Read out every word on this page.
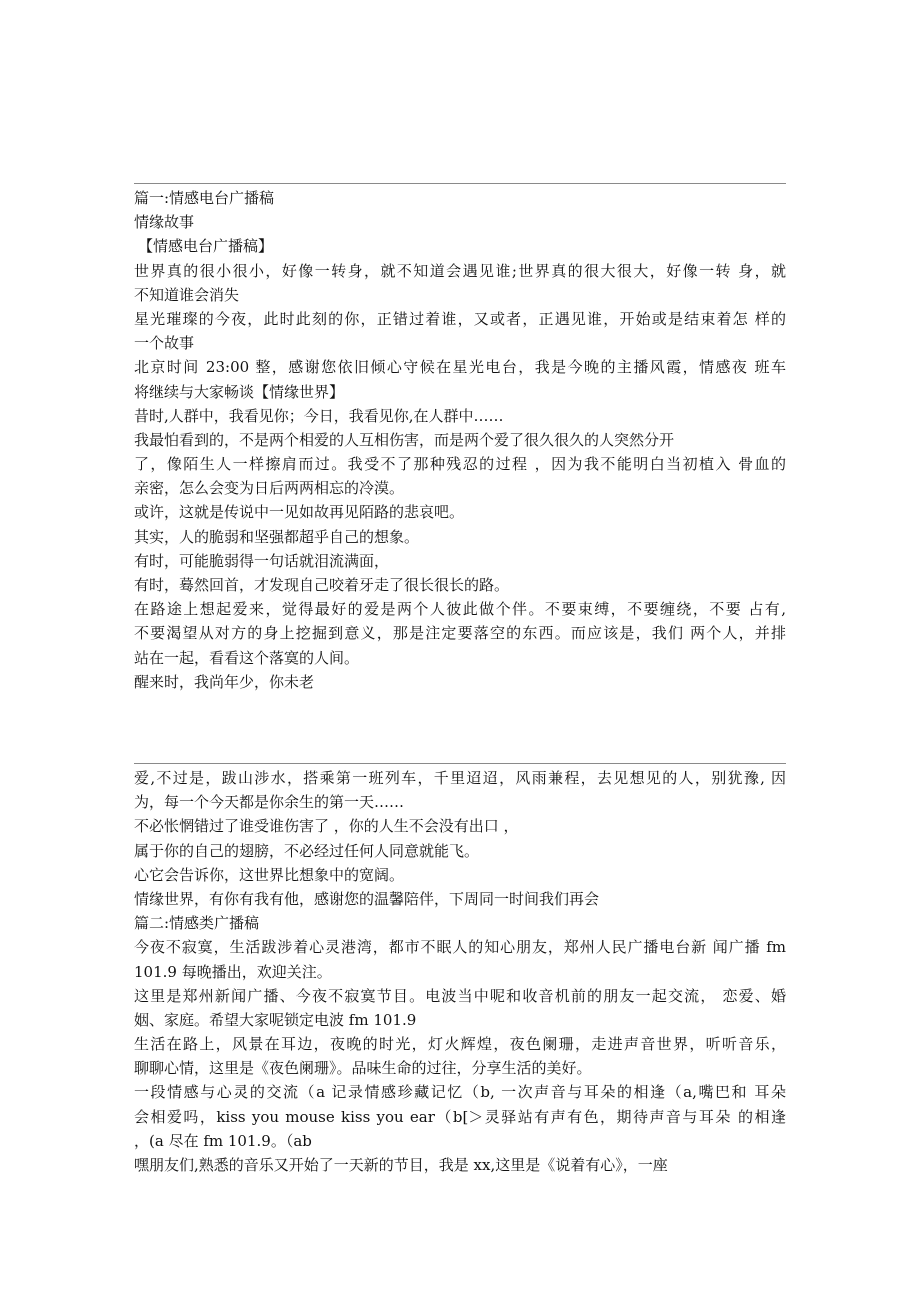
篇一:情感电台广播稿
情缘故事
【情感电台广播稿】
世界真的很小很小，好像一转身，就不知道会遇见谁;世界真的很大很大，好像一转 身，就
不知道谁会消失
星光璀璨的今夜，此时此刻的你，正错过着谁，又或者，正遇见谁，开始或是结束着怎 样的
一个故事
北京时间 23:00 整，感谢您依旧倾心守候在星光电台，我是今晚的主播风霞，情感夜 班车
将继续与大家畅谈【情缘世界】
昔时,人群中，我看见你；今日，我看见你,在人群中……
我最怕看到的，不是两个相爱的人互相伤害，而是两个爱了很久很久的人突然分开
了，像陌生人一样擦肩而过。我受不了那种残忍的过程 ，因为我不能明白当初植入 骨血的
亲密，怎么会变为日后两两相忘的冷漠。
或许，这就是传说中一见如故再见陌路的悲哀吧。
其实，人的脆弱和坚强都超乎自己的想象。
有时，可能脆弱得一句话就泪流满面，
有时，蓦然回首，才发现自己咬着牙走了很长很长的路。
在路途上想起爱来，觉得最好的爱是两个人彼此做个伴。不要束缚，不要缠绕，不要 占有,
不要渴望从对方的身上挖掘到意义，那是注定要落空的东西。而应该是，我们 两个人，并排
站在一起，看看这个落寞的人间。
醒来时，我尚年少，你未老
爱,不过是，跋山涉水，搭乘第一班列车，千里迢迢，风雨兼程，去见想见的人，别犹豫, 因
为，每一个今天都是你余生的第一天……
不必怅惘错过了谁受谁伤害了 ，你的人生不会没有出口 ，
属于你的自己的翅膀，不必经过任何人同意就能飞。
心它会告诉你，这世界比想象中的宽阔。
情缘世界，有你有我有他，感谢您的温馨陪伴，下周同一时间我们再会
篇二:情感类广播稿
今夜不寂寞，生活跋涉着心灵港湾，都市不眠人的知心朋友，郑州人民广播电台新 闻广播 fm
101.9 每晚播出，欢迎关注。
这里是郑州新闻广播、今夜不寂寞节目。电波当中呢和收音机前的朋友一起交流， 恋爱、婚
姻、家庭。希望大家呢锁定电波 fm 101.9
生活在路上，风景在耳边，夜晚的时光，灯火辉煌，夜色阑珊，走进声音世界，听听音乐，
聊聊心情，这里是《夜色阑珊》。品味生命的过往，分享生活的美好。
一段情感与心灵的交流（a 记录情感珍藏记忆（b, 一次声音与耳朵的相逢（a,嘴巴和 耳朵
会相爱吗，kiss you mouse kiss you ear（b[＞灵驿站有声有色，期待声音与耳朵 的相逢
，(a 尽在 fm 101.9。（ab
嘿朋友们,熟悉的音乐又开始了一天新的节目，我是 xx,这里是《说着有心》，一座
